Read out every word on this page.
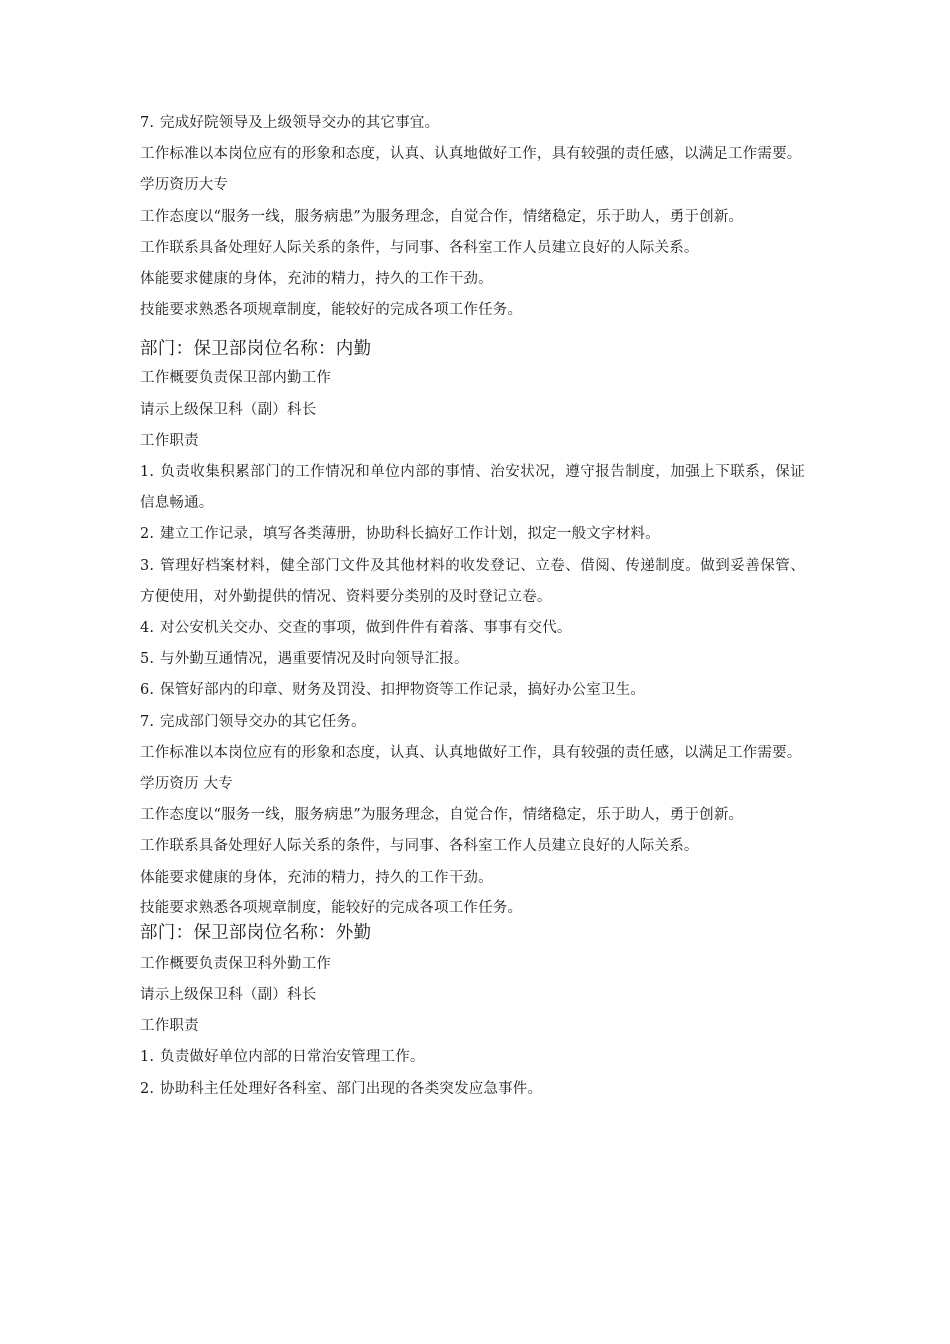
7. 完成好院领导及上级领导交办的其它事宜。

工作标准以本岗位应有的形象和态度，认真、认真地做好工作，具有较强的责任感，以满足工作需要。

学历资历大专

工作态度以“服务一线，服务病患”为服务理念，自觉合作，情绪稳定，乐于助人，勇于创新。

工作联系具备处理好人际关系的条件，与同事、各科室工作人员建立良好的人际关系。

体能要求健康的身体，充沛的精力，持久的工作干劲。

技能要求熟悉各项规章制度，能较好的完成各项工作任务。

部门：保卫部岗位名称：内勤

工作概要负责保卫部内勤工作

请示上级保卫科（副）科长

工作职责

1. 负责收集积累部门的工作情况和单位内部的事情、治安状况，遵守报告制度，加强上下联系，保证信息畅通。

2. 建立工作记录，填写各类薄册，协助科长搞好工作计划，拟定一般文字材料。

3. 管理好档案材料，健全部门文件及其他材料的收发登记、立卷、借阅、传递制度。做到妥善保管、方便使用，对外勤提供的情况、资料要分类别的及时登记立卷。

4. 对公安机关交办、交查的事项，做到件件有着落、事事有交代。

5. 与外勤互通情况，遇重要情况及时向领导汇报。

6. 保管好部内的印章、财务及罚没、扣押物资等工作记录，搞好办公室卫生。

7. 完成部门领导交办的其它任务。

工作标准以本岗位应有的形象和态度，认真、认真地做好工作，具有较强的责任感，以满足工作需要。

学历资历 大专

工作态度以“服务一线，服务病患”为服务理念，自觉合作，情绪稳定，乐于助人，勇于创新。

工作联系具备处理好人际关系的条件，与同事、各科室工作人员建立良好的人际关系。

体能要求健康的身体，充沛的精力，持久的工作干劲。

技能要求熟悉各项规章制度，能较好的完成各项工作任务。

部门：保卫部岗位名称：外勤

工作概要负责保卫科外勤工作

请示上级保卫科（副）科长

工作职责

1. 负责做好单位内部的日常治安管理工作。

2. 协助科主任处理好各科室、部门出现的各类突发应急事件。
